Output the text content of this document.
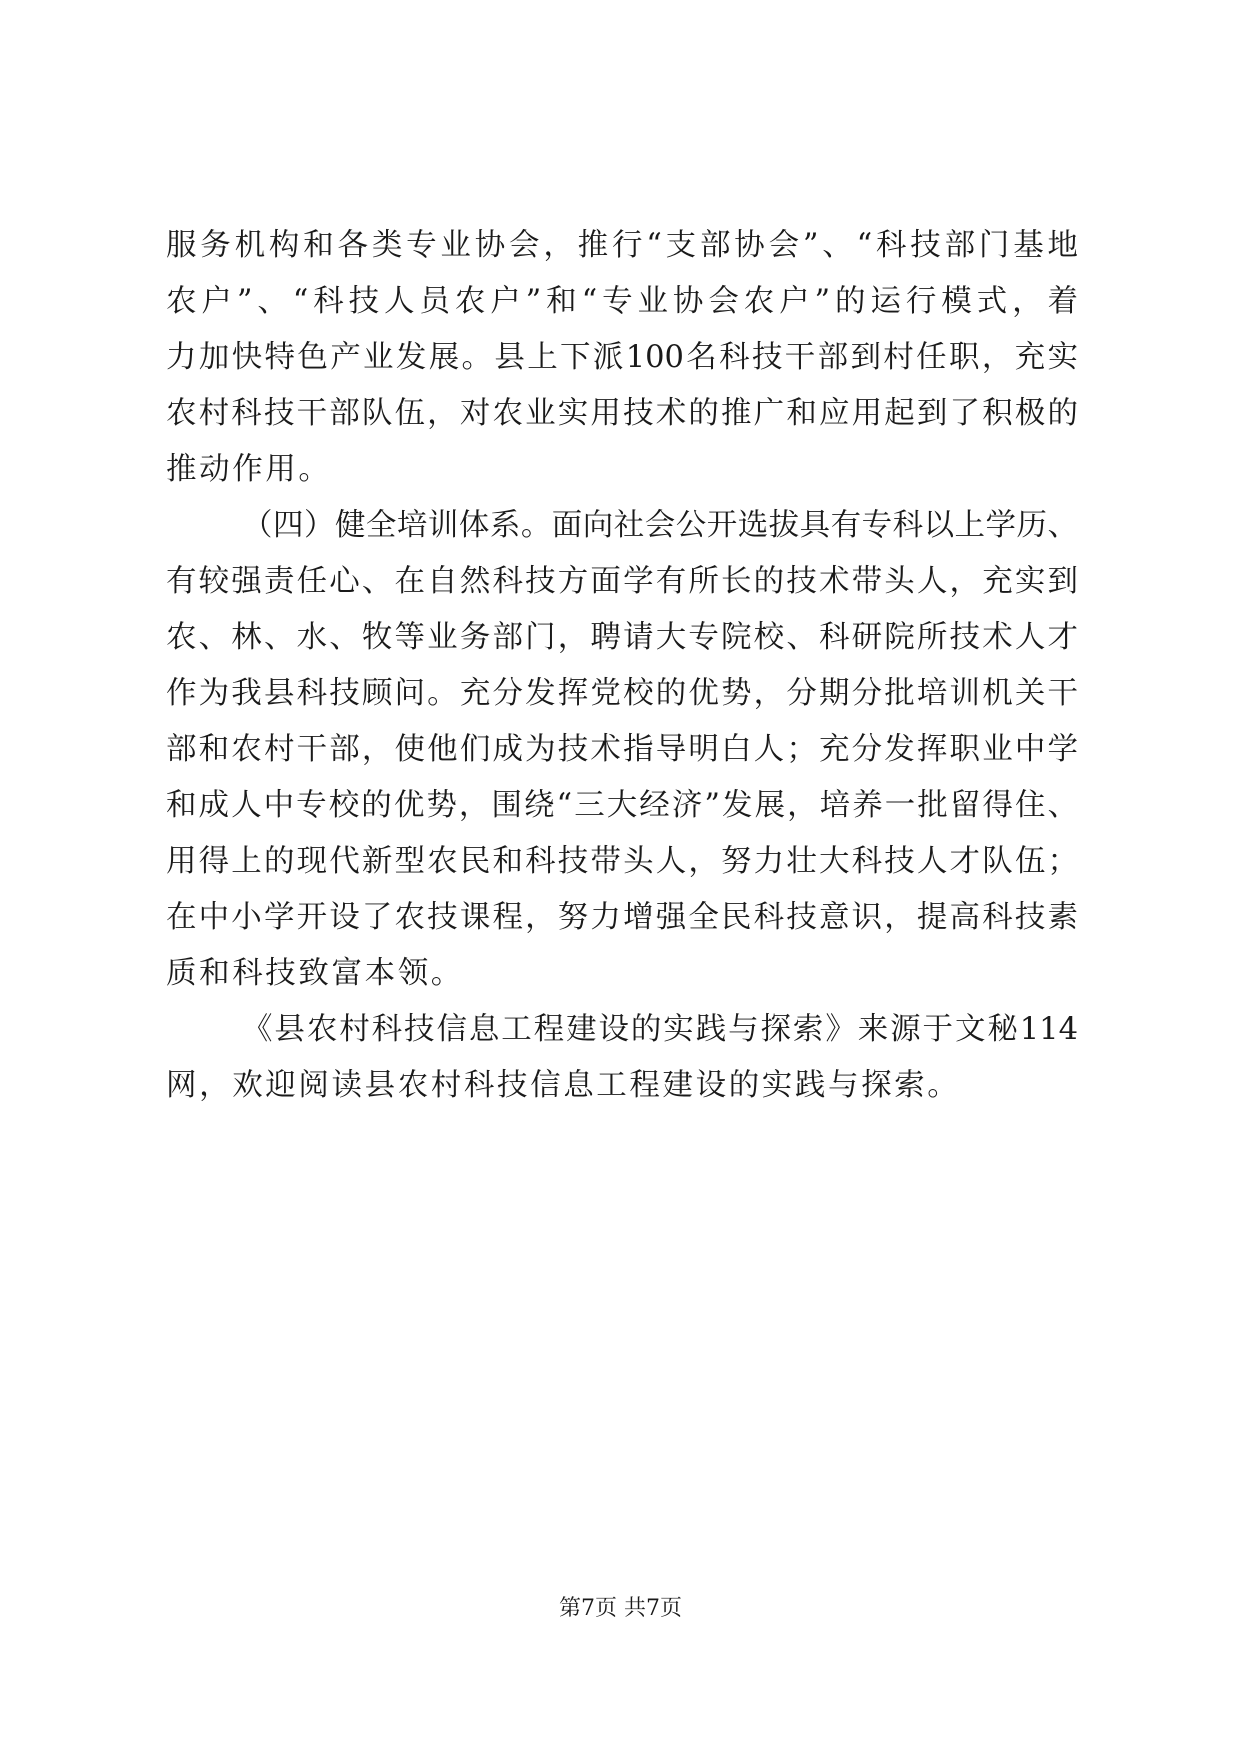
服务机构和各类专业协会，推行“支部协会”、“科技部门基地
农户”、“科技人员农户”和“专业协会农户”的运行模式，着
力加快特色产业发展。县上下派100名科技干部到村任职，充实
农村科技干部队伍，对农业实用技术的推广和应用起到了积极的
推动作用。
（四）健全培训体系。面向社会公开选拔具有专科以上学历、
有较强责任心、在自然科技方面学有所长的技术带头人，充实到
农、林、水、牧等业务部门，聘请大专院校、科研院所技术人才
作为我县科技顾问。充分发挥党校的优势，分期分批培训机关干
部和农村干部，使他们成为技术指导明白人；充分发挥职业中学
和成人中专校的优势，围绕“三大经济”发展，培养一批留得住、
用得上的现代新型农民和科技带头人，努力壮大科技人才队伍；
在中小学开设了农技课程，努力增强全民科技意识，提高科技素
质和科技致富本领。
《县农村科技信息工程建设的实践与探索》来源于文秘114
网，欢迎阅读县农村科技信息工程建设的实践与探索。
第7页 共7页
